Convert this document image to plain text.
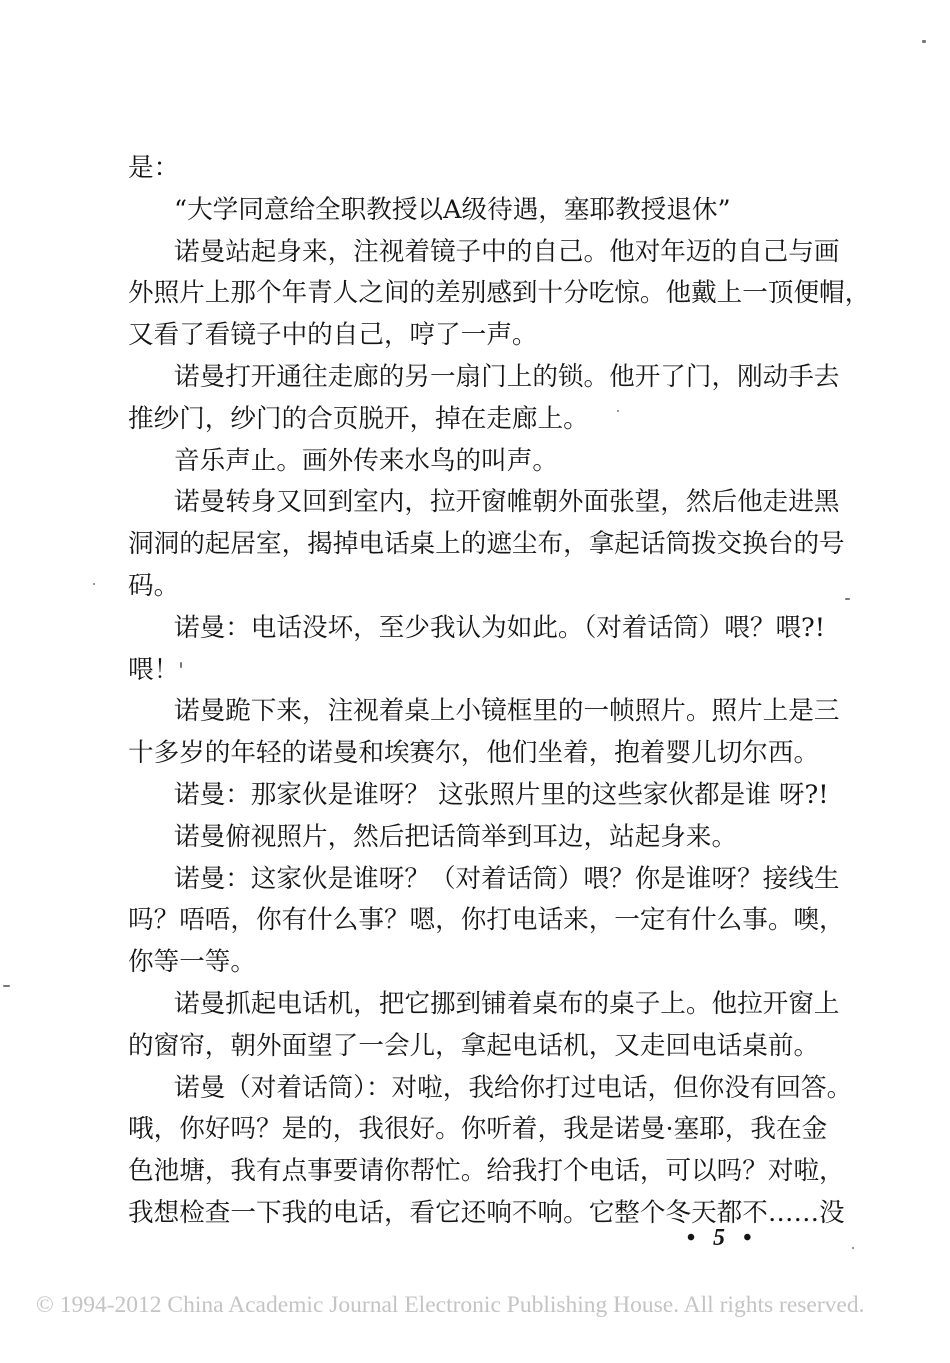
是：
“大学同意给全职教授以A级待遇，塞耶教授退休”
诺曼站起身来，注视着镜子中的自己。他对年迈的自己与画
外照片上那个年青人之间的差别感到十分吃惊。他戴上一顶便帽，
又看了看镜子中的自己，哼了一声。
诺曼打开通往走廊的另一扇门上的锁。他开了门，刚动手去
推纱门，纱门的合页脱开，掉在走廊上。
音乐声止。画外传来水鸟的叫声。
诺曼转身又回到室内，拉开窗帷朝外面张望，然后他走进黑
洞洞的起居室，揭掉电话桌上的遮尘布，拿起话筒拨交换台的号
码。
诺曼：电话没坏，至少我认为如此。（对着话筒）喂？喂?!
喂！
诺曼跪下来，注视着桌上小镜框里的一帧照片。照片上是三
十多岁的年轻的诺曼和埃赛尔，他们坐着，抱着婴儿切尔西。
诺曼：那家伙是谁呀？ 这张照片里的这些家伙都是谁 呀?!
诺曼俯视照片，然后把话筒举到耳边，站起身来。
诺曼：这家伙是谁呀？（对着话筒）喂？你是谁呀？接线生
吗？唔唔，你有什么事？嗯，你打电话来，一定有什么事。噢，
你等一等。
诺曼抓起电话机，把它挪到铺着桌布的桌子上。他拉开窗上
的窗帘，朝外面望了一会儿，拿起电话机，又走回电话桌前。
诺曼（对着话筒）：对啦，我给你打过电话，但你没有回答。
哦，你好吗？是的，我很好。你听着，我是诺曼·塞耶，我在金
色池塘，我有点事要请你帮忙。给我打个电话，可以吗？对啦，
我想检查一下我的电话，看它还响不响。它整个冬天都不……没
• 5 •
© 1994-2012 China Academic Journal Electronic Publishing House. All rights reserved.
